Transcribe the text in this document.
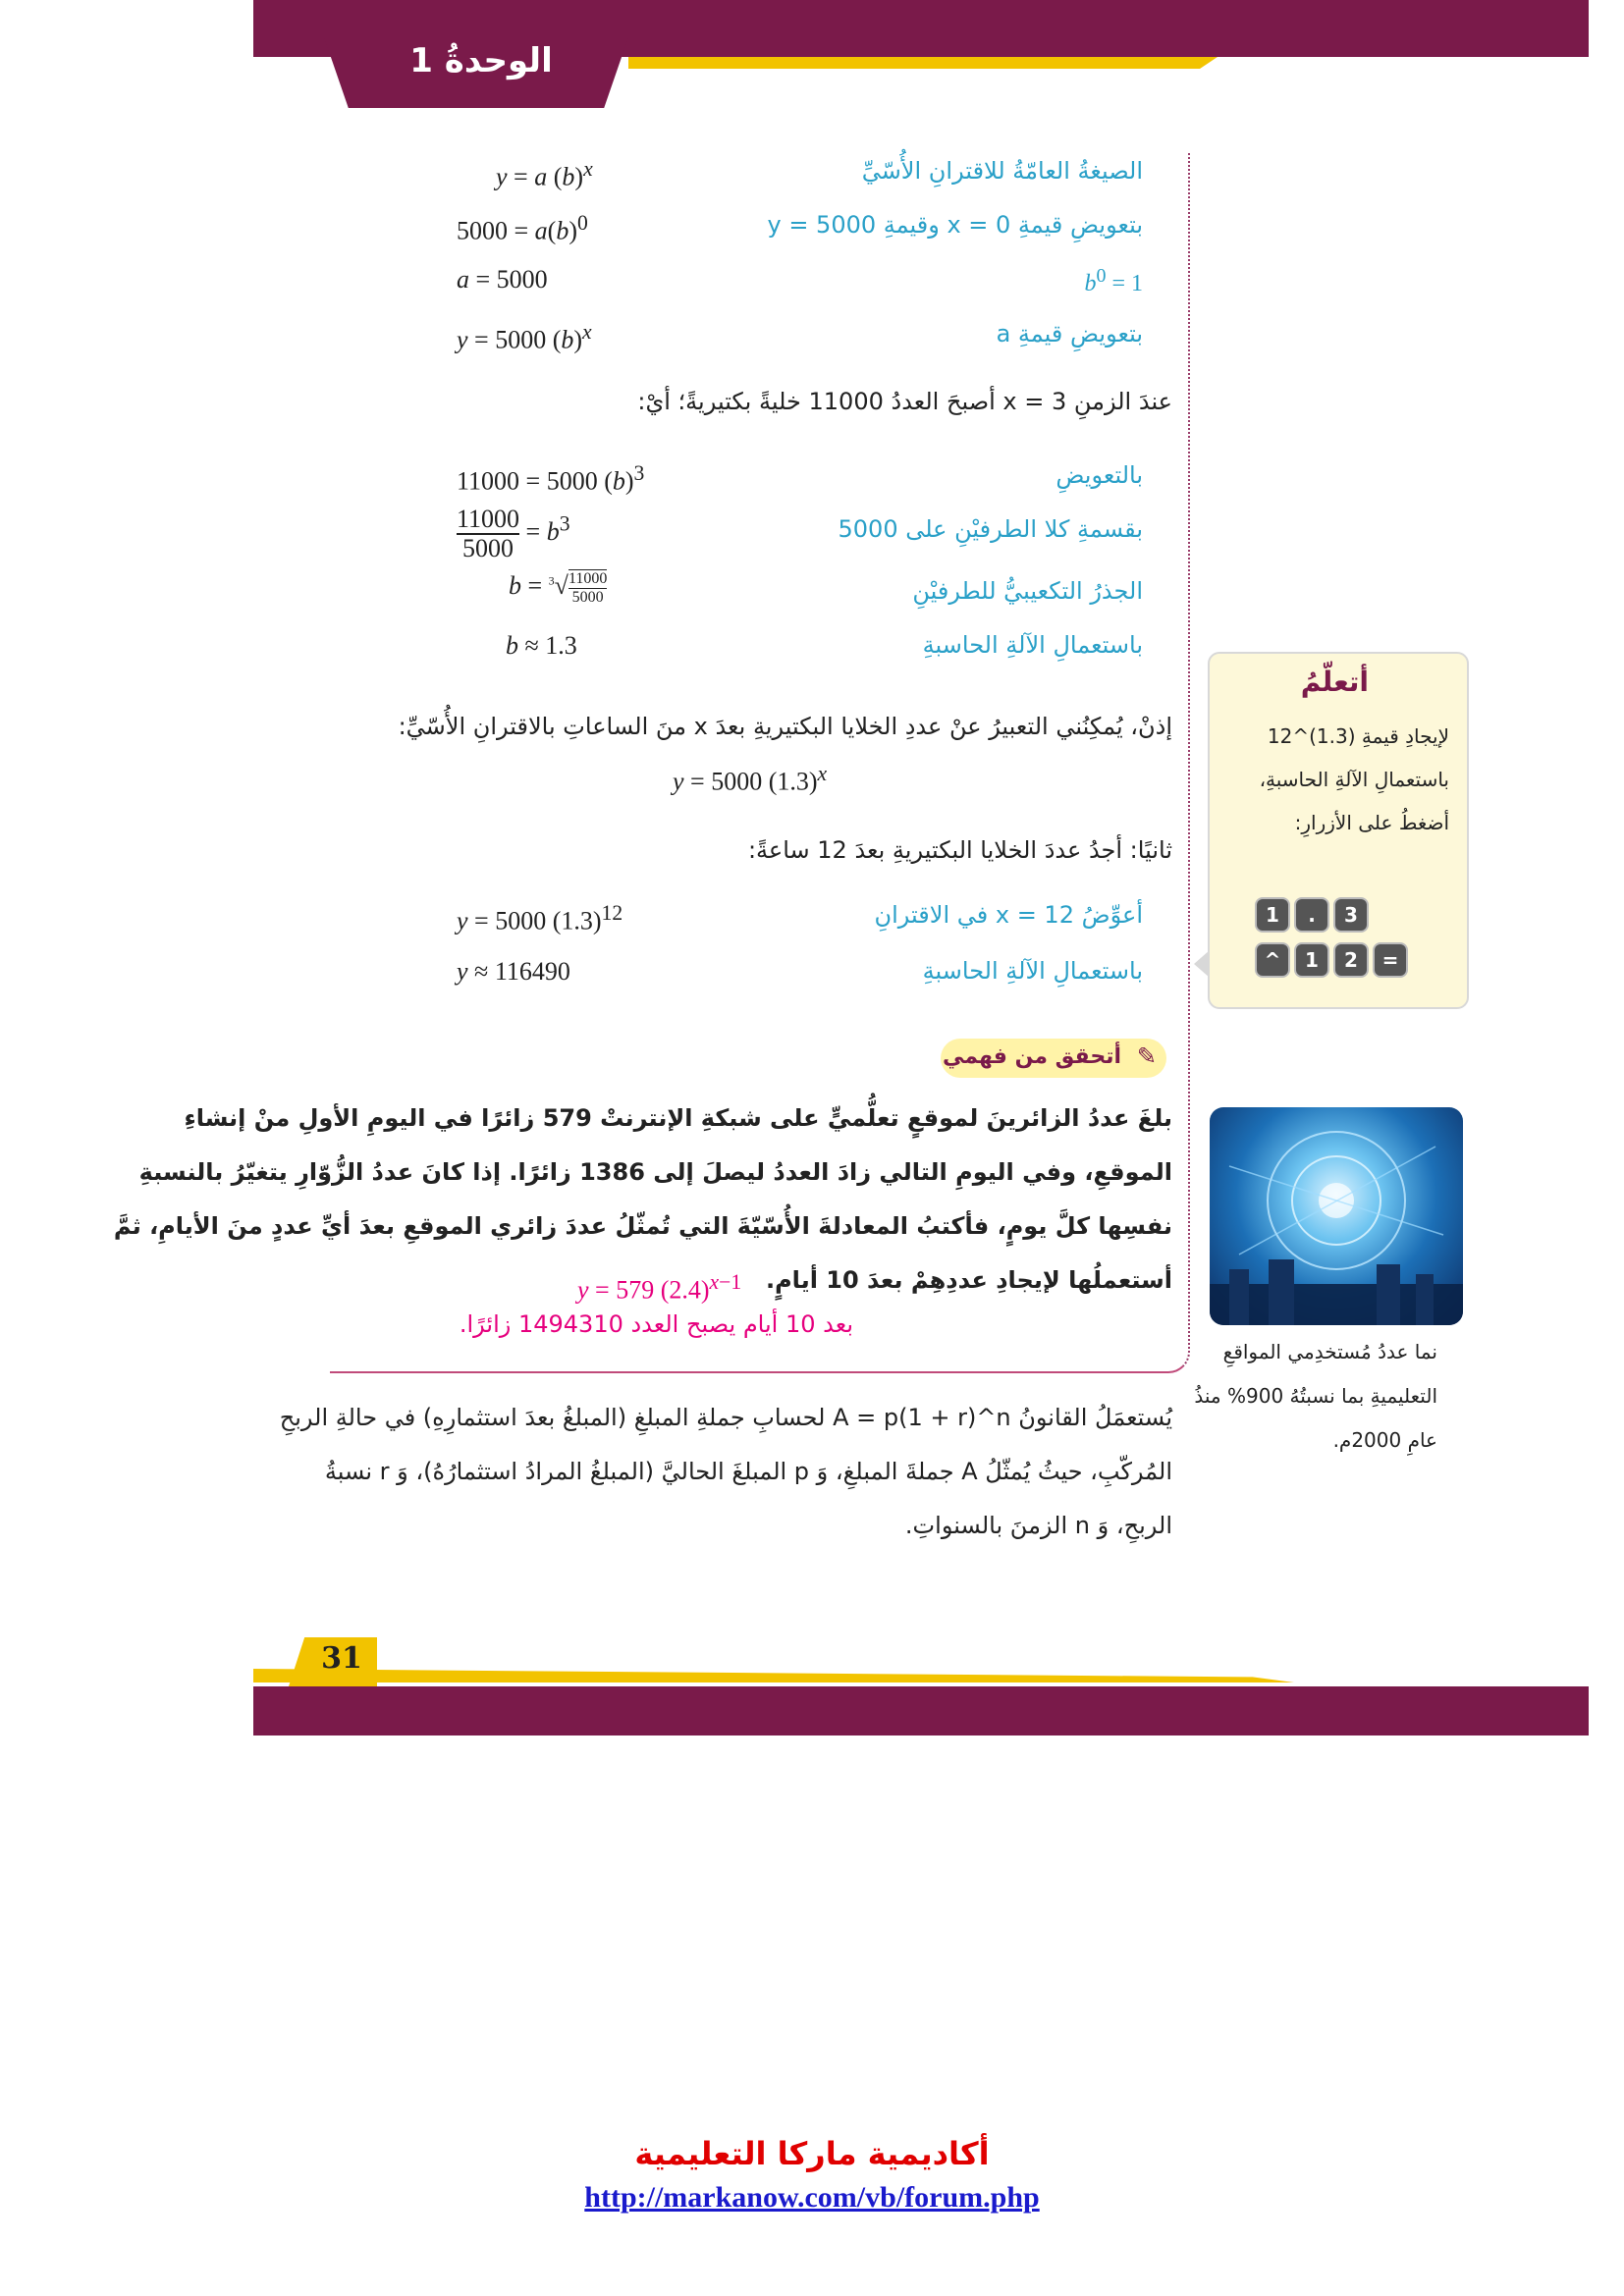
الوحدةُ 1
الصيغةُ العامّةُ للاقترانِ الأُسّيِّ
y = a $(b)^x$
بتعويضِ قيمةِ x = 0 وقيمةِ y = 5000
$5000 = a(b)^0$
$b^0 = 1$
a = 5000
بتعويضِ قيمةِ a
y = 5000 $(b)^x$
عندَ الزمنِ x = 3 أصبحَ العددُ 11000 خليةً بكتيريةً؛ أيْ:
بالتعويضِ
11000 = 5000 $(b)^3$
بقسمةِ كلا الطرفيْنِ على 5000
$\frac{11000}{5000} = b^3$
الجذرُ التكعيبيُّ للطرفيْنِ
$b = ^3√ \frac{11000}{5000}$
باستعمالِ الآلةِ الحاسبةِ
b ≈ 1.3
إذنْ، يُمكِنُني التعبيرُ عنْ عددِ الخلايا البكتيريةِ بعدَ x منَ الساعاتِ بالاقترانِ الأُسّيِّ:
y = 5000 $(1.3)^x$
ثانيًا: أجدُ عددَ الخلايا البكتيريةِ بعدَ 12 ساعةً:
أعوِّضُ x = 12 في الاقترانِ
y = 5000 $(1.3)^{12}$
باستعمالِ الآلةِ الحاسبةِ
y ≈ 116490
أتعلّمُ
لإيجادِ قيمةِ (1.3)^12
باستعمالِ الآلةِ الحاسبةِ،
أضغطُ على الأزرارِ:
1	.	3
^	1	2	=
أتحقق من فهمي ✎
بلغَ عددُ الزائرينَ لموقعٍ تعلُّميٍّ على شبكةِ الإنترنتْ 579 زائرًا في اليومِ الأولِ منْ إنشاءِ
الموقعِ، وفي اليومِ التالي زادَ العددُ ليصلَ إلى 1386 زائرًا. إذا كانَ عددُ الزُّوّارِ يتغيّرُ بالنسبةِ
نفسِها كلَّ يومٍ، فأكتبُ المعادلةَ الأُسّيّةَ التي تُمثّلُ عددَ زائري الموقعِ بعدَ أيِّ عددٍ منَ الأيامِ، ثمَّ
أستعملُها لإيجادِ عددِهِمْ بعدَ 10 أيامٍ.
y = 579 $(2.4)^{x-1}$
بعد 10 أيام يصبح العدد 1494310 زائرًا.
نما عددُ مُستخدِمي المواقعِ
التعليميةِ بما نسبتُهُ 900% منذُ
عامِ 2000م.
يُستعمَلُ القانونُ A = p(1 + r)^n لحسابِ جملةِ المبلغِ (المبلغُ بعدَ استثمارِهِ) في حالةِ الربحِ
المُركّبِ، حيثُ يُمثّلُ A جملةَ المبلغِ، وَ p المبلغَ الحاليَّ (المبلغُ المرادُ استثمارُهُ)، وَ r نسبةُ
الربحِ، وَ n الزمنَ بالسنواتِ.
31
أكاديمية ماركا التعليمية
http://markanow.com/vb/forum.php
